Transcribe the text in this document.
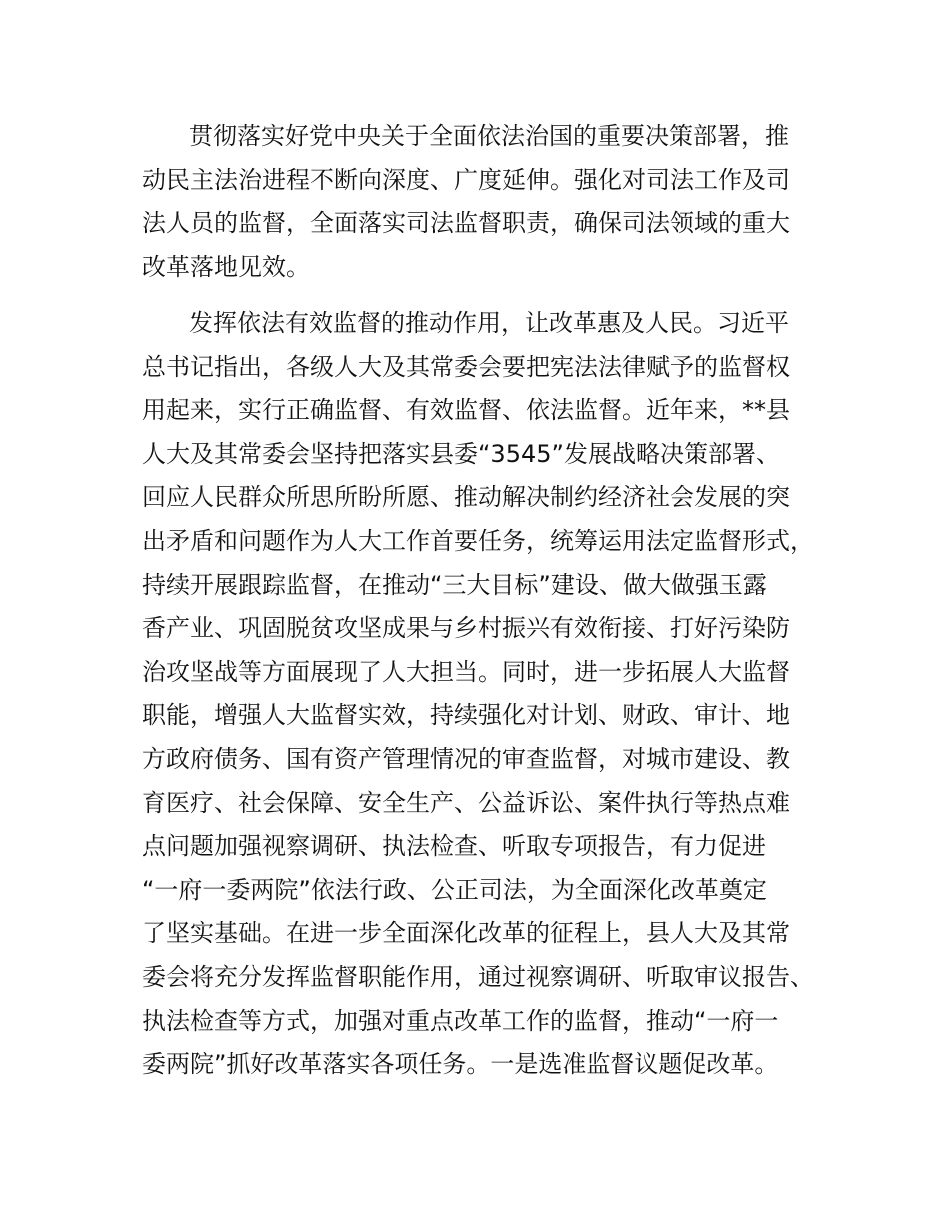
贯彻落实好党中央关于全面依法治国的重要决策部署，推
动民主法治进程不断向深度、广度延伸。强化对司法工作及司
法人员的监督，全面落实司法监督职责，确保司法领域的重大
改革落地见效。
发挥依法有效监督的推动作用，让改革惠及人民。习近平
总书记指出，各级人大及其常委会要把宪法法律赋予的监督权
用起来，实行正确监督、有效监督、依法监督。近年来，**县
人大及其常委会坚持把落实县委“3545”发展战略决策部署、
回应人民群众所思所盼所愿、推动解决制约经济社会发展的突
出矛盾和问题作为人大工作首要任务，统筹运用法定监督形式，
持续开展跟踪监督，在推动“三大目标”建设、做大做强玉露
香产业、巩固脱贫攻坚成果与乡村振兴有效衔接、打好污染防
治攻坚战等方面展现了人大担当。同时，进一步拓展人大监督
职能，增强人大监督实效，持续强化对计划、财政、审计、地
方政府债务、国有资产管理情况的审查监督，对城市建设、教
育医疗、社会保障、安全生产、公益诉讼、案件执行等热点难
点问题加强视察调研、执法检查、听取专项报告，有力促进
“一府一委两院”依法行政、公正司法，为全面深化改革奠定
了坚实基础。在进一步全面深化改革的征程上，县人大及其常
委会将充分发挥监督职能作用，通过视察调研、听取审议报告、
执法检查等方式，加强对重点改革工作的监督，推动“一府一
委两院”抓好改革落实各项任务。一是选准监督议题促改革。
